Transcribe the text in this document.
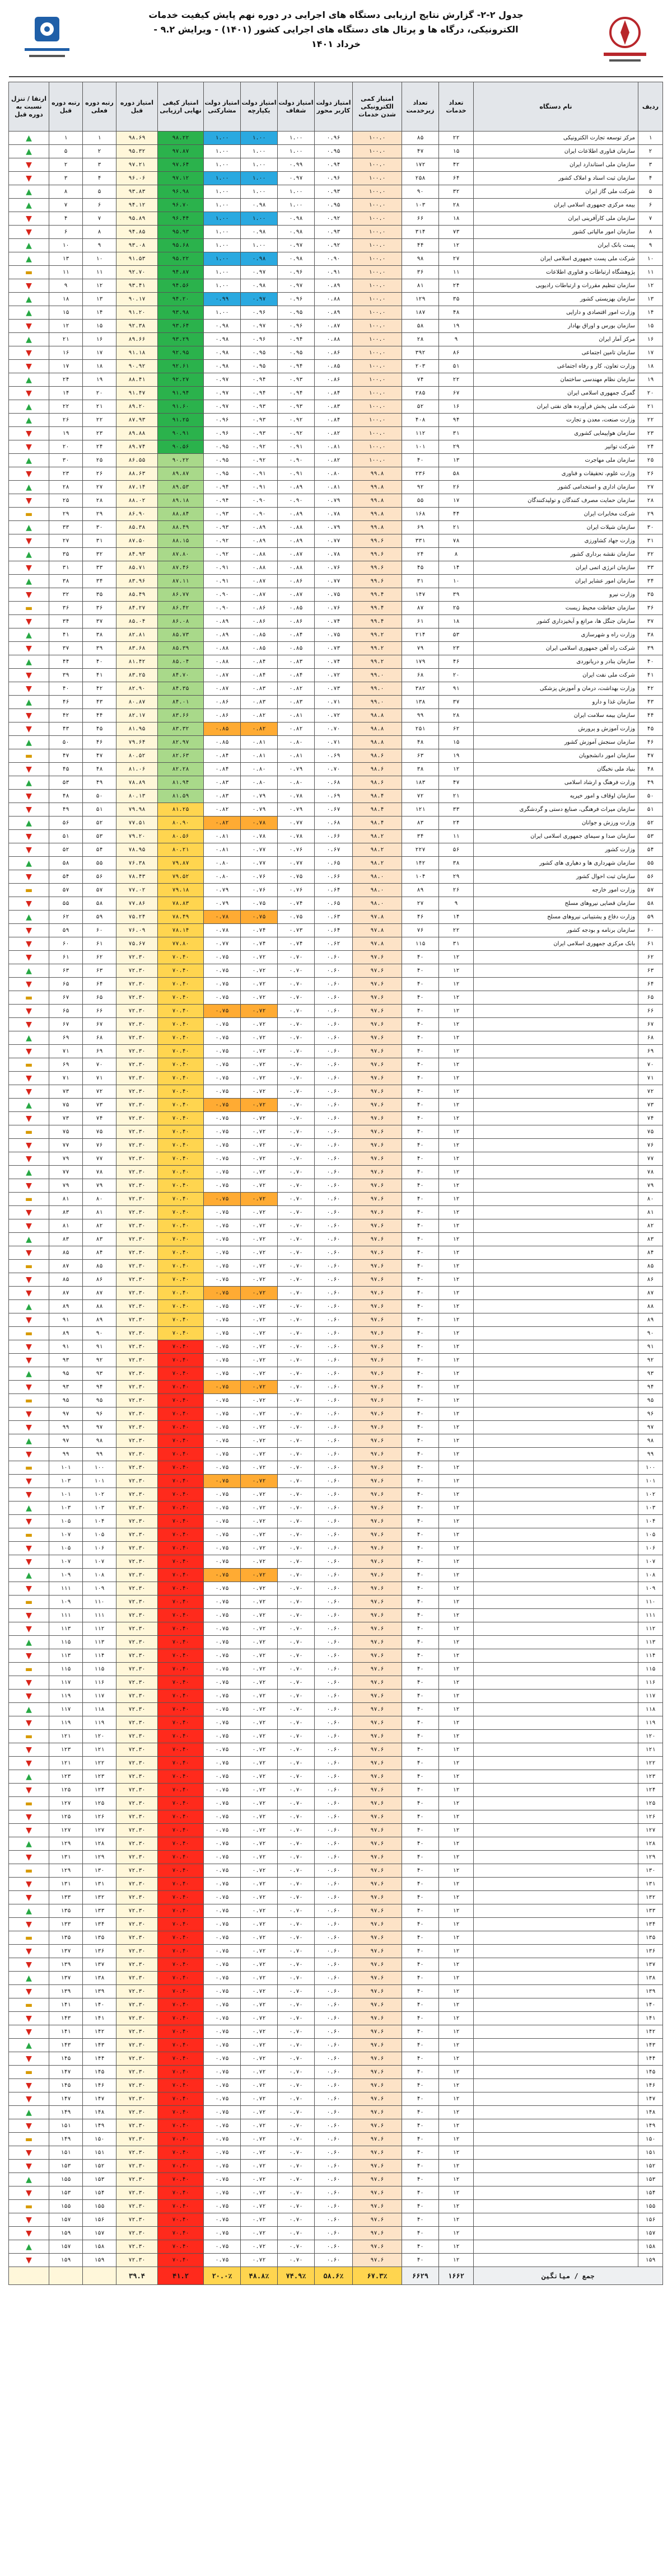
جدول ۲-۲- گزارش نتایج ارزیابی دستگاه های اجرایی در دوره نهم پایش کیفیت خدمات
الکترونیکی، درگاه ها و پرتال های دستگاه های اجرایی کشور (۱۴۰۱) - ویرایش ۹.۲ -
خرداد ۱۴۰۱
ردیف	نام دستگاه	تعداد خدمات	تعداد زیرخدمت	امتیاز کمی الکترونیکی شدن خدمات	امتیاز دولت کاربر محور	امتیاز دولت شفاف	امتیاز دولت یکپارچه	امتیاز دولت مشارکتی	امتیاز کیفی نهایی ارزیابی	امتیاز دوره قبل	رتبه دوره فعلی	رتبه دوره قبل	ارتقا / تنزل نسبت به دوره قبل
۱	مرکز توسعه تجارت الکترونیکی	۲۲	۸۵	۱۰۰.۰	۰.۹۶	۱.۰۰	۱.۰۰	۱.۰۰	۹۸.۲۲	۹۸.۶۹	۱	۱	▲
۲	سازمان فناوری اطلاعات ایران	۱۵	۴۷	۱۰۰.۰	۰.۹۵	۱.۰۰	۱.۰۰	۱.۰۰	۹۷.۸۷	۹۵.۳۲	۲	۵	▲
۳	سازمان ملی استاندارد ایران	۴۲	۱۷۲	۱۰۰.۰	۰.۹۴	۰.۹۹	۱.۰۰	۱.۰۰	۹۷.۶۴	۹۷.۲۱	۳	۲	▼
۴	سازمان ثبت اسناد و املاک کشور	۶۴	۲۵۸	۱۰۰.۰	۰.۹۶	۰.۹۷	۱.۰۰	۱.۰۰	۹۷.۱۲	۹۶.۰۶	۴	۳	▼
۵	شرکت ملی گاز ایران	۳۲	۹۰	۱۰۰.۰	۰.۹۳	۱.۰۰	۱.۰۰	۱.۰۰	۹۶.۹۸	۹۳.۸۳	۵	۸	▲
۶	بیمه مرکزی جمهوری اسلامی ایران	۲۸	۱۰۳	۱۰۰.۰	۰.۹۵	۱.۰۰	۰.۹۸	۱.۰۰	۹۶.۷۰	۹۴.۱۲	۶	۷	▲
۷	سازمان ملی کارآفرینی ایران	۱۸	۶۶	۱۰۰.۰	۰.۹۲	۰.۹۸	۱.۰۰	۱.۰۰	۹۶.۴۴	۹۵.۸۹	۷	۴	▼
۸	سازمان امور مالیاتی کشور	۷۳	۳۱۴	۱۰۰.۰	۰.۹۳	۰.۹۸	۰.۹۸	۱.۰۰	۹۵.۹۳	۹۴.۸۵	۸	۶	▼
۹	پست بانک ایران	۱۲	۴۴	۱۰۰.۰	۰.۹۲	۰.۹۷	۱.۰۰	۱.۰۰	۹۵.۶۸	۹۳.۰۸	۹	۱۰	▲
۱۰	شرکت ملی پست جمهوری اسلامی ایران	۲۷	۹۸	۱۰۰.۰	۰.۹۰	۰.۹۸	۰.۹۸	۱.۰۰	۹۵.۲۲	۹۱.۵۳	۱۰	۱۳	▲
۱۱	پژوهشگاه ارتباطات و فناوری اطلاعات	۱۱	۳۶	۱۰۰.۰	۰.۹۱	۰.۹۶	۰.۹۷	۱.۰۰	۹۴.۸۷	۹۲.۷۰	۱۱	۱۱	▬
۱۲	سازمان تنظیم مقررات و ارتباطات رادیویی	۲۴	۸۱	۱۰۰.۰	۰.۸۹	۰.۹۷	۰.۹۸	۱.۰۰	۹۴.۵۶	۹۳.۴۱	۱۲	۹	▼
۱۳	سازمان بهزیستی کشور	۳۵	۱۲۹	۱۰۰.۰	۰.۸۸	۰.۹۶	۰.۹۷	۰.۹۹	۹۴.۲۰	۹۰.۱۷	۱۳	۱۸	▲
۱۴	وزارت امور اقتصادی و دارایی	۴۸	۱۸۷	۱۰۰.۰	۰.۸۹	۰.۹۵	۰.۹۶	۱.۰۰	۹۳.۹۸	۹۱.۲۰	۱۴	۱۵	▲
۱۵	سازمان بورس و اوراق بهادار	۱۹	۵۸	۱۰۰.۰	۰.۸۷	۰.۹۶	۰.۹۷	۰.۹۸	۹۳.۶۴	۹۲.۳۸	۱۵	۱۲	▼
۱۶	مرکز آمار ایران	۹	۲۸	۱۰۰.۰	۰.۸۸	۰.۹۴	۰.۹۶	۰.۹۸	۹۳.۲۹	۸۹.۶۶	۱۶	۲۱	▲
۱۷	سازمان تامین اجتماعی	۸۶	۳۹۲	۱۰۰.۰	۰.۸۶	۰.۹۵	۰.۹۵	۰.۹۸	۹۲.۹۵	۹۱.۱۸	۱۷	۱۶	▼
۱۸	وزارت تعاون، کار و رفاه اجتماعی	۵۱	۲۰۳	۱۰۰.۰	۰.۸۵	۰.۹۴	۰.۹۵	۰.۹۸	۹۲.۶۱	۹۰.۹۲	۱۸	۱۷	▼
۱۹	سازمان نظام مهندسی ساختمان	۲۲	۷۴	۱۰۰.۰	۰.۸۶	۰.۹۳	۰.۹۴	۰.۹۷	۹۲.۲۷	۸۸.۴۱	۱۹	۲۴	▲
۲۰	گمرک جمهوری اسلامی ایران	۶۷	۲۸۵	۱۰۰.۰	۰.۸۴	۰.۹۴	۰.۹۴	۰.۹۷	۹۱.۹۴	۹۱.۴۷	۲۰	۱۴	▼
۲۱	شرکت ملی پخش فرآورده های نفتی ایران	۱۶	۵۲	۱۰۰.۰	۰.۸۳	۰.۹۳	۰.۹۳	۰.۹۷	۹۱.۶۰	۸۹.۲۰	۲۱	۲۲	▲
۲۲	وزارت صنعت، معدن و تجارت	۹۴	۴۰۸	۱۰۰.۰	۰.۸۴	۰.۹۲	۰.۹۳	۰.۹۶	۹۱.۲۵	۸۷.۹۳	۲۲	۲۶	▲
۲۳	سازمان هواپیمایی کشوری	۳۱	۱۱۲	۱۰۰.۰	۰.۸۲	۰.۹۲	۰.۹۳	۰.۹۶	۹۰.۹۱	۸۹.۸۸	۲۳	۱۹	▼
۲۴	شرکت توانیر	۲۹	۱۰۱	۱۰۰.۰	۰.۸۱	۰.۹۱	۰.۹۲	۰.۹۵	۹۰.۵۶	۸۹.۷۴	۲۴	۲۰	▼
۲۵	سازمان ملی مهاجرت	۱۳	۴۰	۱۰۰.۰	۰.۸۲	۰.۹۰	۰.۹۲	۰.۹۵	۹۰.۲۲	۸۶.۵۵	۲۵	۳۰	▲
۲۶	وزارت علوم، تحقیقات و فناوری	۵۸	۲۳۶	۹۹.۸	۰.۸۰	۰.۹۱	۰.۹۱	۰.۹۵	۸۹.۸۷	۸۸.۶۳	۲۶	۲۳	▼
۲۷	سازمان اداری و استخدامی کشور	۲۶	۹۲	۹۹.۸	۰.۸۱	۰.۸۹	۰.۹۱	۰.۹۴	۸۹.۵۳	۸۷.۱۴	۲۷	۲۸	▲
۲۸	سازمان حمایت مصرف کنندگان و تولیدکنندگان	۱۷	۵۵	۹۹.۸	۰.۷۹	۰.۹۰	۰.۹۰	۰.۹۴	۸۹.۱۸	۸۸.۰۲	۲۸	۲۵	▼
۲۹	شرکت مخابرات ایران	۴۴	۱۶۸	۹۹.۸	۰.۷۸	۰.۸۹	۰.۹۰	۰.۹۳	۸۸.۸۴	۸۶.۹۰	۲۹	۲۹	▬
۳۰	سازمان شیلات ایران	۲۱	۶۹	۹۹.۸	۰.۷۹	۰.۸۸	۰.۸۹	۰.۹۳	۸۸.۴۹	۸۵.۳۸	۳۰	۳۳	▲
۳۱	وزارت جهاد کشاورزی	۷۸	۳۳۱	۹۹.۶	۰.۷۷	۰.۸۹	۰.۸۹	۰.۹۲	۸۸.۱۵	۸۷.۵۰	۳۱	۲۷	▼
۳۲	سازمان نقشه برداری کشور	۸	۲۴	۹۹.۶	۰.۷۸	۰.۸۷	۰.۸۸	۰.۹۲	۸۷.۸۰	۸۴.۹۳	۳۲	۳۵	▲
۳۳	سازمان انرژی اتمی ایران	۱۴	۴۵	۹۹.۶	۰.۷۶	۰.۸۸	۰.۸۸	۰.۹۱	۸۷.۴۶	۸۵.۷۱	۳۳	۳۱	▼
۳۴	سازمان امور عشایر ایران	۱۰	۳۱	۹۹.۶	۰.۷۷	۰.۸۶	۰.۸۷	۰.۹۱	۸۷.۱۱	۸۳.۹۶	۳۴	۳۸	▲
۳۵	وزارت نیرو	۳۹	۱۴۷	۹۹.۴	۰.۷۵	۰.۸۷	۰.۸۷	۰.۹۰	۸۶.۷۷	۸۵.۴۹	۳۵	۳۲	▼
۳۶	سازمان حفاظت محیط زیست	۲۵	۸۷	۹۹.۴	۰.۷۶	۰.۸۵	۰.۸۶	۰.۹۰	۸۶.۴۲	۸۴.۲۷	۳۶	۳۶	▬
۳۷	سازمان جنگل ها، مراتع و آبخیزداری کشور	۱۸	۶۱	۹۹.۴	۰.۷۴	۰.۸۶	۰.۸۶	۰.۸۹	۸۶.۰۸	۸۵.۰۴	۳۷	۳۴	▼
۳۸	وزارت راه و شهرسازی	۵۳	۲۱۴	۹۹.۲	۰.۷۵	۰.۸۴	۰.۸۵	۰.۸۹	۸۵.۷۳	۸۲.۸۱	۳۸	۴۱	▲
۳۹	شرکت راه آهن جمهوری اسلامی ایران	۲۳	۷۹	۹۹.۲	۰.۷۳	۰.۸۵	۰.۸۵	۰.۸۸	۸۵.۳۹	۸۳.۶۸	۳۹	۳۷	▼
۴۰	سازمان بنادر و دریانوردی	۴۶	۱۷۹	۹۹.۲	۰.۷۴	۰.۸۳	۰.۸۴	۰.۸۸	۸۵.۰۴	۸۱.۴۲	۴۰	۴۴	▲
۴۱	شرکت ملی نفت ایران	۲۰	۶۸	۹۹.۰	۰.۷۲	۰.۸۴	۰.۸۴	۰.۸۷	۸۴.۷۰	۸۳.۲۵	۴۱	۳۹	▼
۴۲	وزارت بهداشت، درمان و آموزش پزشکی	۹۱	۳۸۲	۹۹.۰	۰.۷۳	۰.۸۲	۰.۸۳	۰.۸۷	۸۴.۳۵	۸۲.۹۰	۴۲	۴۰	▼
۴۳	سازمان غذا و دارو	۳۷	۱۳۸	۹۹.۰	۰.۷۱	۰.۸۳	۰.۸۳	۰.۸۶	۸۴.۰۱	۸۰.۸۷	۴۳	۴۶	▲
۴۴	سازمان بیمه سلامت ایران	۲۸	۹۹	۹۸.۸	۰.۷۲	۰.۸۱	۰.۸۲	۰.۸۶	۸۳.۶۶	۸۲.۱۷	۴۴	۴۲	▼
۴۵	وزارت آموزش و پرورش	۶۲	۲۵۱	۹۸.۸	۰.۷۰	۰.۸۲	۰.۸۲	۰.۸۵	۸۳.۳۲	۸۱.۹۵	۴۵	۴۳	▼
۴۶	سازمان سنجش آموزش کشور	۱۵	۴۸	۹۸.۸	۰.۷۱	۰.۸۰	۰.۸۱	۰.۸۵	۸۲.۹۷	۷۹.۶۴	۴۶	۵۰	▲
۴۷	سازمان امور دانشجویان	۱۹	۶۳	۹۸.۶	۰.۶۹	۰.۸۱	۰.۸۱	۰.۸۴	۸۲.۶۳	۸۰.۵۲	۴۷	۴۷	▬
۴۸	بنیاد ملی نخبگان	۱۲	۳۸	۹۸.۶	۰.۷۰	۰.۷۹	۰.۸۰	۰.۸۴	۸۲.۲۸	۸۱.۰۶	۴۸	۴۵	▼
۴۹	وزارت فرهنگ و ارشاد اسلامی	۴۷	۱۸۳	۹۸.۶	۰.۶۸	۰.۸۰	۰.۸۰	۰.۸۳	۸۱.۹۴	۷۸.۸۹	۴۹	۵۳	▲
۵۰	سازمان اوقاف و امور خیریه	۲۱	۷۲	۹۸.۴	۰.۶۹	۰.۷۸	۰.۷۹	۰.۸۳	۸۱.۵۹	۸۰.۱۳	۵۰	۴۸	▼
۵۱	سازمان میراث فرهنگی، صنایع دستی و گردشگری	۳۳	۱۲۱	۹۸.۴	۰.۶۷	۰.۷۹	۰.۷۹	۰.۸۲	۸۱.۲۵	۷۹.۹۸	۵۱	۴۹	▼
۵۲	وزارت ورزش و جوانان	۲۴	۸۳	۹۸.۴	۰.۶۸	۰.۷۷	۰.۷۸	۰.۸۲	۸۰.۹۰	۷۷.۵۱	۵۲	۵۶	▲
۵۳	سازمان صدا و سیمای جمهوری اسلامی ایران	۱۱	۳۴	۹۸.۲	۰.۶۶	۰.۷۸	۰.۷۸	۰.۸۱	۸۰.۵۶	۷۹.۲۰	۵۳	۵۱	▼
۵۴	وزارت کشور	۵۶	۲۲۷	۹۸.۲	۰.۶۷	۰.۷۶	۰.۷۷	۰.۸۱	۸۰.۲۱	۷۸.۹۵	۵۴	۵۲	▼
۵۵	سازمان شهرداری ها و دهیاری های کشور	۳۸	۱۴۲	۹۸.۲	۰.۶۵	۰.۷۷	۰.۷۷	۰.۸۰	۷۹.۸۷	۷۶.۳۸	۵۵	۵۸	▲
۵۶	سازمان ثبت احوال کشور	۲۹	۱۰۴	۹۸.۰	۰.۶۶	۰.۷۵	۰.۷۶	۰.۸۰	۷۹.۵۲	۷۸.۴۳	۵۶	۵۴	▼
۵۷	وزارت امور خارجه	۲۶	۸۹	۹۸.۰	۰.۶۴	۰.۷۶	۰.۷۶	۰.۷۹	۷۹.۱۸	۷۷.۰۲	۵۷	۵۷	▬
۵۸	سازمان قضایی نیروهای مسلح	۹	۲۷	۹۸.۰	۰.۶۵	۰.۷۴	۰.۷۵	۰.۷۹	۷۸.۸۳	۷۷.۸۶	۵۸	۵۵	▼
۵۹	وزارت دفاع و پشتیبانی نیروهای مسلح	۱۴	۴۶	۹۷.۸	۰.۶۳	۰.۷۵	۰.۷۵	۰.۷۸	۷۸.۴۹	۷۵.۲۴	۵۹	۶۲	▲
۶۰	سازمان برنامه و بودجه کشور	۲۲	۷۶	۹۷.۸	۰.۶۴	۰.۷۳	۰.۷۴	۰.۷۸	۷۸.۱۴	۷۶.۰۹	۶۰	۵۹	▼
۶۱	بانک مرکزی جمهوری اسلامی ایران	۳۱	۱۱۵	۹۷.۸	۰.۶۲	۰.۷۴	۰.۷۴	۰.۷۷	۷۷.۸۰	۷۵.۶۷	۶۱	۶۰	▼
۶۲		۱۲	۴۰	۹۷.۶	۰.۶۰	۰.۷۰	۰.۷۲	۰.۷۵	۷۰.۴۰	۷۲.۳۰	۶۲	۶۱	▼
۶۳		۱۲	۴۰	۹۷.۶	۰.۶۰	۰.۷۰	۰.۷۲	۰.۷۵	۷۰.۴۰	۷۲.۳۰	۶۳	۶۳	▲
۶۴		۱۲	۴۰	۹۷.۶	۰.۶۰	۰.۷۰	۰.۷۲	۰.۷۵	۷۰.۴۰	۷۲.۳۰	۶۴	۶۵	▼
۶۵		۱۲	۴۰	۹۷.۶	۰.۶۰	۰.۷۰	۰.۷۲	۰.۷۵	۷۰.۴۰	۷۲.۳۰	۶۵	۶۷	▬
۶۶		۱۲	۴۰	۹۷.۶	۰.۶۰	۰.۷۰	۰.۷۲	۰.۷۵	۷۰.۴۰	۷۲.۳۰	۶۶	۶۵	▼
۶۷		۱۲	۴۰	۹۷.۶	۰.۶۰	۰.۷۰	۰.۷۲	۰.۷۵	۷۰.۴۰	۷۲.۳۰	۶۷	۶۷	▼
۶۸		۱۲	۴۰	۹۷.۶	۰.۶۰	۰.۷۰	۰.۷۲	۰.۷۵	۷۰.۴۰	۷۲.۳۰	۶۸	۶۹	▲
۶۹		۱۲	۴۰	۹۷.۶	۰.۶۰	۰.۷۰	۰.۷۲	۰.۷۵	۷۰.۴۰	۷۲.۳۰	۶۹	۷۱	▼
۷۰		۱۲	۴۰	۹۷.۶	۰.۶۰	۰.۷۰	۰.۷۲	۰.۷۵	۷۰.۴۰	۷۲.۳۰	۷۰	۶۹	▬
۷۱		۱۲	۴۰	۹۷.۶	۰.۶۰	۰.۷۰	۰.۷۲	۰.۷۵	۷۰.۴۰	۷۲.۳۰	۷۱	۷۱	▼
۷۲		۱۲	۴۰	۹۷.۶	۰.۶۰	۰.۷۰	۰.۷۲	۰.۷۵	۷۰.۴۰	۷۲.۳۰	۷۲	۷۳	▼
۷۳		۱۲	۴۰	۹۷.۶	۰.۶۰	۰.۷۰	۰.۷۲	۰.۷۵	۷۰.۴۰	۷۲.۳۰	۷۳	۷۵	▲
۷۴		۱۲	۴۰	۹۷.۶	۰.۶۰	۰.۷۰	۰.۷۲	۰.۷۵	۷۰.۴۰	۷۲.۳۰	۷۴	۷۳	▼
۷۵		۱۲	۴۰	۹۷.۶	۰.۶۰	۰.۷۰	۰.۷۲	۰.۷۵	۷۰.۴۰	۷۲.۳۰	۷۵	۷۵	▬
۷۶		۱۲	۴۰	۹۷.۶	۰.۶۰	۰.۷۰	۰.۷۲	۰.۷۵	۷۰.۴۰	۷۲.۳۰	۷۶	۷۷	▼
۷۷		۱۲	۴۰	۹۷.۶	۰.۶۰	۰.۷۰	۰.۷۲	۰.۷۵	۷۰.۴۰	۷۲.۳۰	۷۷	۷۹	▼
۷۸		۱۲	۴۰	۹۷.۶	۰.۶۰	۰.۷۰	۰.۷۲	۰.۷۵	۷۰.۴۰	۷۲.۳۰	۷۸	۷۷	▲
۷۹		۱۲	۴۰	۹۷.۶	۰.۶۰	۰.۷۰	۰.۷۲	۰.۷۵	۷۰.۴۰	۷۲.۳۰	۷۹	۷۹	▼
۸۰		۱۲	۴۰	۹۷.۶	۰.۶۰	۰.۷۰	۰.۷۲	۰.۷۵	۷۰.۴۰	۷۲.۳۰	۸۰	۸۱	▬
۸۱		۱۲	۴۰	۹۷.۶	۰.۶۰	۰.۷۰	۰.۷۲	۰.۷۵	۷۰.۴۰	۷۲.۳۰	۸۱	۸۳	▼
۸۲		۱۲	۴۰	۹۷.۶	۰.۶۰	۰.۷۰	۰.۷۲	۰.۷۵	۷۰.۴۰	۷۲.۳۰	۸۲	۸۱	▼
۸۳		۱۲	۴۰	۹۷.۶	۰.۶۰	۰.۷۰	۰.۷۲	۰.۷۵	۷۰.۴۰	۷۲.۳۰	۸۳	۸۳	▲
۸۴		۱۲	۴۰	۹۷.۶	۰.۶۰	۰.۷۰	۰.۷۲	۰.۷۵	۷۰.۴۰	۷۲.۳۰	۸۴	۸۵	▼
۸۵		۱۲	۴۰	۹۷.۶	۰.۶۰	۰.۷۰	۰.۷۲	۰.۷۵	۷۰.۴۰	۷۲.۳۰	۸۵	۸۷	▬
۸۶		۱۲	۴۰	۹۷.۶	۰.۶۰	۰.۷۰	۰.۷۲	۰.۷۵	۷۰.۴۰	۷۲.۳۰	۸۶	۸۵	▼
۸۷		۱۲	۴۰	۹۷.۶	۰.۶۰	۰.۷۰	۰.۷۲	۰.۷۵	۷۰.۴۰	۷۲.۳۰	۸۷	۸۷	▼
۸۸		۱۲	۴۰	۹۷.۶	۰.۶۰	۰.۷۰	۰.۷۲	۰.۷۵	۷۰.۴۰	۷۲.۳۰	۸۸	۸۹	▲
۸۹		۱۲	۴۰	۹۷.۶	۰.۶۰	۰.۷۰	۰.۷۲	۰.۷۵	۷۰.۴۰	۷۲.۳۰	۸۹	۹۱	▼
۹۰		۱۲	۴۰	۹۷.۶	۰.۶۰	۰.۷۰	۰.۷۲	۰.۷۵	۷۰.۴۰	۷۲.۳۰	۹۰	۸۹	▬
۹۱		۱۲	۴۰	۹۷.۶	۰.۶۰	۰.۷۰	۰.۷۲	۰.۷۵	۷۰.۴۰	۷۲.۳۰	۹۱	۹۱	▼
۹۲		۱۲	۴۰	۹۷.۶	۰.۶۰	۰.۷۰	۰.۷۲	۰.۷۵	۷۰.۴۰	۷۲.۳۰	۹۲	۹۳	▼
۹۳		۱۲	۴۰	۹۷.۶	۰.۶۰	۰.۷۰	۰.۷۲	۰.۷۵	۷۰.۴۰	۷۲.۳۰	۹۳	۹۵	▲
۹۴		۱۲	۴۰	۹۷.۶	۰.۶۰	۰.۷۰	۰.۷۲	۰.۷۵	۷۰.۴۰	۷۲.۳۰	۹۴	۹۳	▼
۹۵		۱۲	۴۰	۹۷.۶	۰.۶۰	۰.۷۰	۰.۷۲	۰.۷۵	۷۰.۴۰	۷۲.۳۰	۹۵	۹۵	▬
۹۶		۱۲	۴۰	۹۷.۶	۰.۶۰	۰.۷۰	۰.۷۲	۰.۷۵	۷۰.۴۰	۷۲.۳۰	۹۶	۹۷	▼
۹۷		۱۲	۴۰	۹۷.۶	۰.۶۰	۰.۷۰	۰.۷۲	۰.۷۵	۷۰.۴۰	۷۲.۳۰	۹۷	۹۹	▼
۹۸		۱۲	۴۰	۹۷.۶	۰.۶۰	۰.۷۰	۰.۷۲	۰.۷۵	۷۰.۴۰	۷۲.۳۰	۹۸	۹۷	▲
۹۹		۱۲	۴۰	۹۷.۶	۰.۶۰	۰.۷۰	۰.۷۲	۰.۷۵	۷۰.۴۰	۷۲.۳۰	۹۹	۹۹	▼
۱۰۰		۱۲	۴۰	۹۷.۶	۰.۶۰	۰.۷۰	۰.۷۲	۰.۷۵	۷۰.۴۰	۷۲.۳۰	۱۰۰	۱۰۱	▬
۱۰۱		۱۲	۴۰	۹۷.۶	۰.۶۰	۰.۷۰	۰.۷۲	۰.۷۵	۷۰.۴۰	۷۲.۳۰	۱۰۱	۱۰۳	▼
۱۰۲		۱۲	۴۰	۹۷.۶	۰.۶۰	۰.۷۰	۰.۷۲	۰.۷۵	۷۰.۴۰	۷۲.۳۰	۱۰۲	۱۰۱	▼
۱۰۳		۱۲	۴۰	۹۷.۶	۰.۶۰	۰.۷۰	۰.۷۲	۰.۷۵	۷۰.۴۰	۷۲.۳۰	۱۰۳	۱۰۳	▲
۱۰۴		۱۲	۴۰	۹۷.۶	۰.۶۰	۰.۷۰	۰.۷۲	۰.۷۵	۷۰.۴۰	۷۲.۳۰	۱۰۴	۱۰۵	▼
۱۰۵		۱۲	۴۰	۹۷.۶	۰.۶۰	۰.۷۰	۰.۷۲	۰.۷۵	۷۰.۴۰	۷۲.۳۰	۱۰۵	۱۰۷	▬
۱۰۶		۱۲	۴۰	۹۷.۶	۰.۶۰	۰.۷۰	۰.۷۲	۰.۷۵	۷۰.۴۰	۷۲.۳۰	۱۰۶	۱۰۵	▼
۱۰۷		۱۲	۴۰	۹۷.۶	۰.۶۰	۰.۷۰	۰.۷۲	۰.۷۵	۷۰.۴۰	۷۲.۳۰	۱۰۷	۱۰۷	▼
۱۰۸		۱۲	۴۰	۹۷.۶	۰.۶۰	۰.۷۰	۰.۷۲	۰.۷۵	۷۰.۴۰	۷۲.۳۰	۱۰۸	۱۰۹	▲
۱۰۹		۱۲	۴۰	۹۷.۶	۰.۶۰	۰.۷۰	۰.۷۲	۰.۷۵	۷۰.۴۰	۷۲.۳۰	۱۰۹	۱۱۱	▼
۱۱۰		۱۲	۴۰	۹۷.۶	۰.۶۰	۰.۷۰	۰.۷۲	۰.۷۵	۷۰.۴۰	۷۲.۳۰	۱۱۰	۱۰۹	▬
۱۱۱		۱۲	۴۰	۹۷.۶	۰.۶۰	۰.۷۰	۰.۷۲	۰.۷۵	۷۰.۴۰	۷۲.۳۰	۱۱۱	۱۱۱	▼
۱۱۲		۱۲	۴۰	۹۷.۶	۰.۶۰	۰.۷۰	۰.۷۲	۰.۷۵	۷۰.۴۰	۷۲.۳۰	۱۱۲	۱۱۳	▼
۱۱۳		۱۲	۴۰	۹۷.۶	۰.۶۰	۰.۷۰	۰.۷۲	۰.۷۵	۷۰.۴۰	۷۲.۳۰	۱۱۳	۱۱۵	▲
۱۱۴		۱۲	۴۰	۹۷.۶	۰.۶۰	۰.۷۰	۰.۷۲	۰.۷۵	۷۰.۴۰	۷۲.۳۰	۱۱۴	۱۱۳	▼
۱۱۵		۱۲	۴۰	۹۷.۶	۰.۶۰	۰.۷۰	۰.۷۲	۰.۷۵	۷۰.۴۰	۷۲.۳۰	۱۱۵	۱۱۵	▬
۱۱۶		۱۲	۴۰	۹۷.۶	۰.۶۰	۰.۷۰	۰.۷۲	۰.۷۵	۷۰.۴۰	۷۲.۳۰	۱۱۶	۱۱۷	▼
۱۱۷		۱۲	۴۰	۹۷.۶	۰.۶۰	۰.۷۰	۰.۷۲	۰.۷۵	۷۰.۴۰	۷۲.۳۰	۱۱۷	۱۱۹	▼
۱۱۸		۱۲	۴۰	۹۷.۶	۰.۶۰	۰.۷۰	۰.۷۲	۰.۷۵	۷۰.۴۰	۷۲.۳۰	۱۱۸	۱۱۷	▲
۱۱۹		۱۲	۴۰	۹۷.۶	۰.۶۰	۰.۷۰	۰.۷۲	۰.۷۵	۷۰.۴۰	۷۲.۳۰	۱۱۹	۱۱۹	▼
۱۲۰		۱۲	۴۰	۹۷.۶	۰.۶۰	۰.۷۰	۰.۷۲	۰.۷۵	۷۰.۴۰	۷۲.۳۰	۱۲۰	۱۲۱	▬
۱۲۱		۱۲	۴۰	۹۷.۶	۰.۶۰	۰.۷۰	۰.۷۲	۰.۷۵	۷۰.۴۰	۷۲.۳۰	۱۲۱	۱۲۳	▼
۱۲۲		۱۲	۴۰	۹۷.۶	۰.۶۰	۰.۷۰	۰.۷۲	۰.۷۵	۷۰.۴۰	۷۲.۳۰	۱۲۲	۱۲۱	▼
۱۲۳		۱۲	۴۰	۹۷.۶	۰.۶۰	۰.۷۰	۰.۷۲	۰.۷۵	۷۰.۴۰	۷۲.۳۰	۱۲۳	۱۲۳	▲
۱۲۴		۱۲	۴۰	۹۷.۶	۰.۶۰	۰.۷۰	۰.۷۲	۰.۷۵	۷۰.۴۰	۷۲.۳۰	۱۲۴	۱۲۵	▼
۱۲۵		۱۲	۴۰	۹۷.۶	۰.۶۰	۰.۷۰	۰.۷۲	۰.۷۵	۷۰.۴۰	۷۲.۳۰	۱۲۵	۱۲۷	▬
۱۲۶		۱۲	۴۰	۹۷.۶	۰.۶۰	۰.۷۰	۰.۷۲	۰.۷۵	۷۰.۴۰	۷۲.۳۰	۱۲۶	۱۲۵	▼
۱۲۷		۱۲	۴۰	۹۷.۶	۰.۶۰	۰.۷۰	۰.۷۲	۰.۷۵	۷۰.۴۰	۷۲.۳۰	۱۲۷	۱۲۷	▼
۱۲۸		۱۲	۴۰	۹۷.۶	۰.۶۰	۰.۷۰	۰.۷۲	۰.۷۵	۷۰.۴۰	۷۲.۳۰	۱۲۸	۱۲۹	▲
۱۲۹		۱۲	۴۰	۹۷.۶	۰.۶۰	۰.۷۰	۰.۷۲	۰.۷۵	۷۰.۴۰	۷۲.۳۰	۱۲۹	۱۳۱	▼
۱۳۰		۱۲	۴۰	۹۷.۶	۰.۶۰	۰.۷۰	۰.۷۲	۰.۷۵	۷۰.۴۰	۷۲.۳۰	۱۳۰	۱۲۹	▬
۱۳۱		۱۲	۴۰	۹۷.۶	۰.۶۰	۰.۷۰	۰.۷۲	۰.۷۵	۷۰.۴۰	۷۲.۳۰	۱۳۱	۱۳۱	▼
۱۳۲		۱۲	۴۰	۹۷.۶	۰.۶۰	۰.۷۰	۰.۷۲	۰.۷۵	۷۰.۴۰	۷۲.۳۰	۱۳۲	۱۳۳	▼
۱۳۳		۱۲	۴۰	۹۷.۶	۰.۶۰	۰.۷۰	۰.۷۲	۰.۷۵	۷۰.۴۰	۷۲.۳۰	۱۳۳	۱۳۵	▲
۱۳۴		۱۲	۴۰	۹۷.۶	۰.۶۰	۰.۷۰	۰.۷۲	۰.۷۵	۷۰.۴۰	۷۲.۳۰	۱۳۴	۱۳۳	▼
۱۳۵		۱۲	۴۰	۹۷.۶	۰.۶۰	۰.۷۰	۰.۷۲	۰.۷۵	۷۰.۴۰	۷۲.۳۰	۱۳۵	۱۳۵	▬
۱۳۶		۱۲	۴۰	۹۷.۶	۰.۶۰	۰.۷۰	۰.۷۲	۰.۷۵	۷۰.۴۰	۷۲.۳۰	۱۳۶	۱۳۷	▼
۱۳۷		۱۲	۴۰	۹۷.۶	۰.۶۰	۰.۷۰	۰.۷۲	۰.۷۵	۷۰.۴۰	۷۲.۳۰	۱۳۷	۱۳۹	▼
۱۳۸		۱۲	۴۰	۹۷.۶	۰.۶۰	۰.۷۰	۰.۷۲	۰.۷۵	۷۰.۴۰	۷۲.۳۰	۱۳۸	۱۳۷	▲
۱۳۹		۱۲	۴۰	۹۷.۶	۰.۶۰	۰.۷۰	۰.۷۲	۰.۷۵	۷۰.۴۰	۷۲.۳۰	۱۳۹	۱۳۹	▼
۱۴۰		۱۲	۴۰	۹۷.۶	۰.۶۰	۰.۷۰	۰.۷۲	۰.۷۵	۷۰.۴۰	۷۲.۳۰	۱۴۰	۱۴۱	▬
۱۴۱		۱۲	۴۰	۹۷.۶	۰.۶۰	۰.۷۰	۰.۷۲	۰.۷۵	۷۰.۴۰	۷۲.۳۰	۱۴۱	۱۴۳	▼
۱۴۲		۱۲	۴۰	۹۷.۶	۰.۶۰	۰.۷۰	۰.۷۲	۰.۷۵	۷۰.۴۰	۷۲.۳۰	۱۴۲	۱۴۱	▼
۱۴۳		۱۲	۴۰	۹۷.۶	۰.۶۰	۰.۷۰	۰.۷۲	۰.۷۵	۷۰.۴۰	۷۲.۳۰	۱۴۳	۱۴۳	▲
۱۴۴		۱۲	۴۰	۹۷.۶	۰.۶۰	۰.۷۰	۰.۷۲	۰.۷۵	۷۰.۴۰	۷۲.۳۰	۱۴۴	۱۴۵	▼
۱۴۵		۱۲	۴۰	۹۷.۶	۰.۶۰	۰.۷۰	۰.۷۲	۰.۷۵	۷۰.۴۰	۷۲.۳۰	۱۴۵	۱۴۷	▬
۱۴۶		۱۲	۴۰	۹۷.۶	۰.۶۰	۰.۷۰	۰.۷۲	۰.۷۵	۷۰.۴۰	۷۲.۳۰	۱۴۶	۱۴۵	▼
۱۴۷		۱۲	۴۰	۹۷.۶	۰.۶۰	۰.۷۰	۰.۷۲	۰.۷۵	۷۰.۴۰	۷۲.۳۰	۱۴۷	۱۴۷	▼
۱۴۸		۱۲	۴۰	۹۷.۶	۰.۶۰	۰.۷۰	۰.۷۲	۰.۷۵	۷۰.۴۰	۷۲.۳۰	۱۴۸	۱۴۹	▲
۱۴۹		۱۲	۴۰	۹۷.۶	۰.۶۰	۰.۷۰	۰.۷۲	۰.۷۵	۷۰.۴۰	۷۲.۳۰	۱۴۹	۱۵۱	▼
۱۵۰		۱۲	۴۰	۹۷.۶	۰.۶۰	۰.۷۰	۰.۷۲	۰.۷۵	۷۰.۴۰	۷۲.۳۰	۱۵۰	۱۴۹	▬
۱۵۱		۱۲	۴۰	۹۷.۶	۰.۶۰	۰.۷۰	۰.۷۲	۰.۷۵	۷۰.۴۰	۷۲.۳۰	۱۵۱	۱۵۱	▼
۱۵۲		۱۲	۴۰	۹۷.۶	۰.۶۰	۰.۷۰	۰.۷۲	۰.۷۵	۷۰.۴۰	۷۲.۳۰	۱۵۲	۱۵۳	▼
۱۵۳		۱۲	۴۰	۹۷.۶	۰.۶۰	۰.۷۰	۰.۷۲	۰.۷۵	۷۰.۴۰	۷۲.۳۰	۱۵۳	۱۵۵	▲
۱۵۴		۱۲	۴۰	۹۷.۶	۰.۶۰	۰.۷۰	۰.۷۲	۰.۷۵	۷۰.۴۰	۷۲.۳۰	۱۵۴	۱۵۳	▼
۱۵۵		۱۲	۴۰	۹۷.۶	۰.۶۰	۰.۷۰	۰.۷۲	۰.۷۵	۷۰.۴۰	۷۲.۳۰	۱۵۵	۱۵۵	▬
۱۵۶		۱۲	۴۰	۹۷.۶	۰.۶۰	۰.۷۰	۰.۷۲	۰.۷۵	۷۰.۴۰	۷۲.۳۰	۱۵۶	۱۵۷	▼
۱۵۷		۱۲	۴۰	۹۷.۶	۰.۶۰	۰.۷۰	۰.۷۲	۰.۷۵	۷۰.۴۰	۷۲.۳۰	۱۵۷	۱۵۹	▼
۱۵۸		۱۲	۴۰	۹۷.۶	۰.۶۰	۰.۷۰	۰.۷۲	۰.۷۵	۷۰.۴۰	۷۲.۳۰	۱۵۸	۱۵۷	▲
۱۵۹		۱۲	۴۰	۹۷.۶	۰.۶۰	۰.۷۰	۰.۷۲	۰.۷۵	۷۰.۴۰	۷۲.۳۰	۱۵۹	۱۵۹	▼
جمع / میانگین		۱۶۶۲	۶۶۲۹	۶۷.۳٪	۵۸.۶٪	۷۴.۹٪	۴۸.۸٪	۲۰.۰٪	۴۱.۲	۳۹.۴			
